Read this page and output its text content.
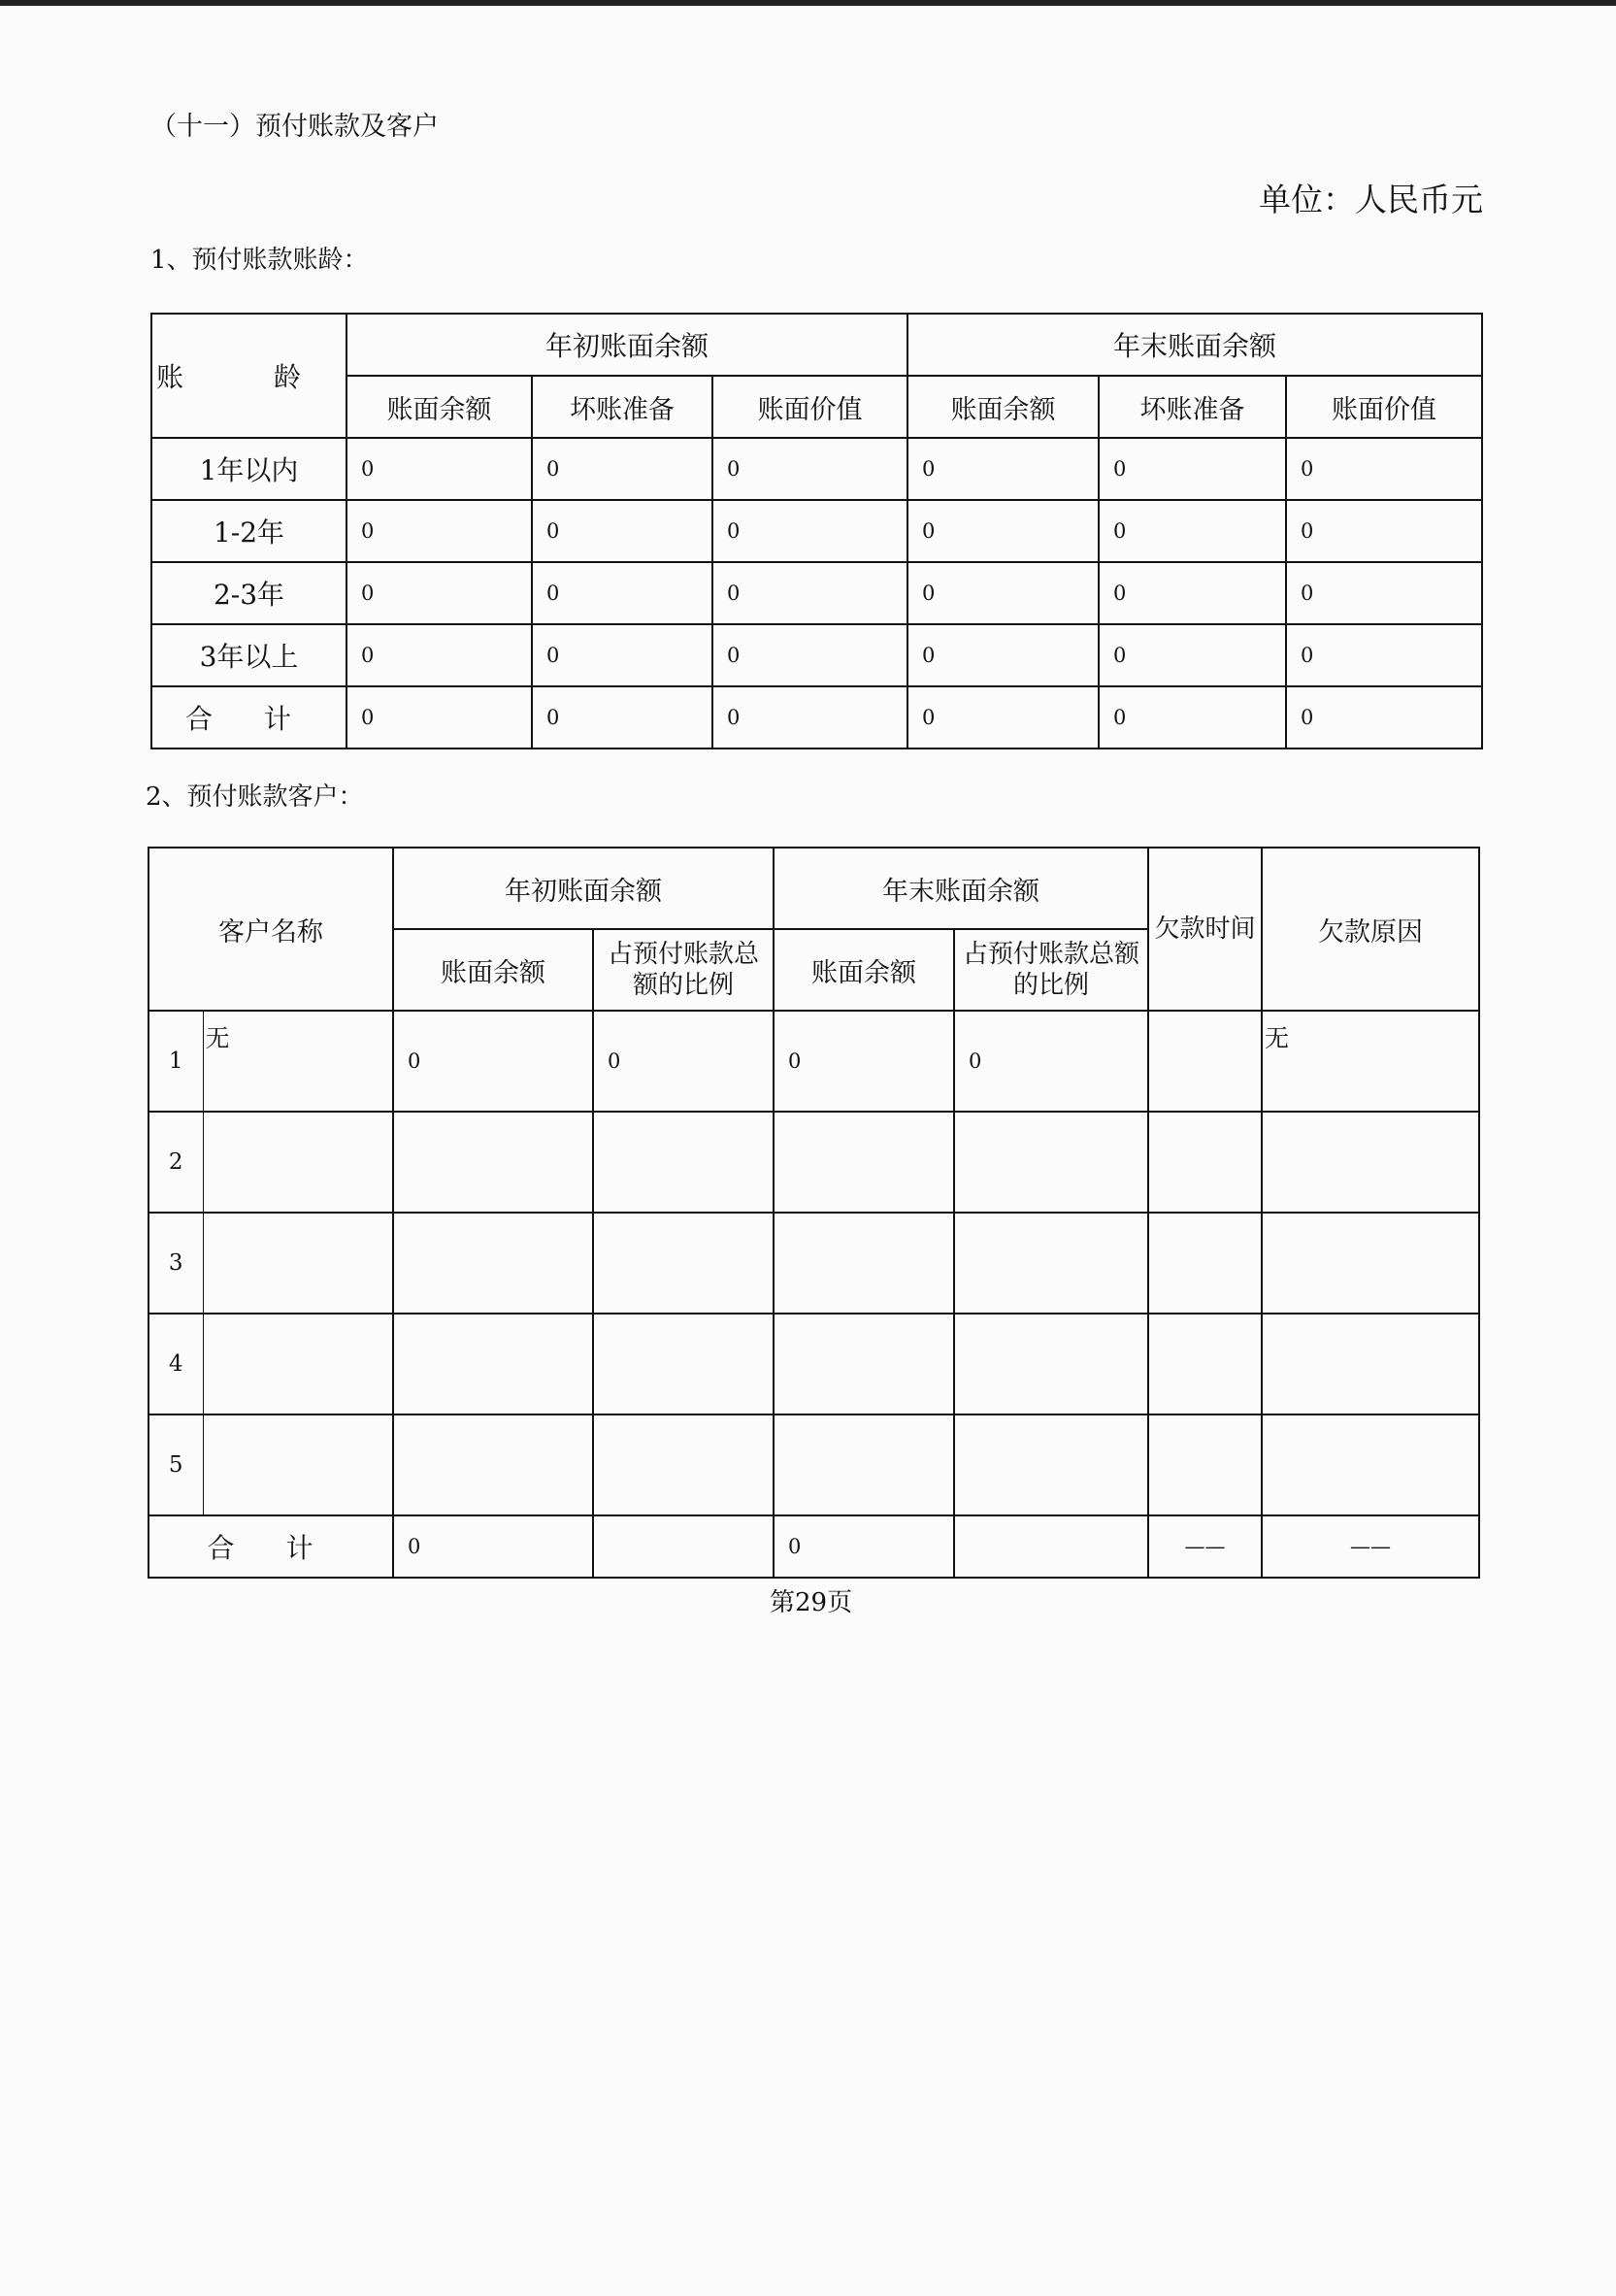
（十一）预付账款及客户
单位：人民币元
1、预付账款账龄：
账 龄	年初账面余额			年末账面余额		
	账面余额	坏账准备	账面价值	账面余额	坏账准备	账面价值
1年以内	0	0	0	0	0	0
1-2年	0	0	0	0	0	0
2-3年	0	0	0	0	0	0
3年以上	0	0	0	0	0	0
合 计	0	0	0	0	0	0
2、预付账款客户：
客户名称		年初账面余额		年末账面余额		欠款时间	欠款原因
		账面余额	占预付账款总额的比例	账面余额	占预付账款总额的比例		
1	无	0	0	0	0		无
2							
3							
4							
5							
合 计		0		0		——	——
第29页
